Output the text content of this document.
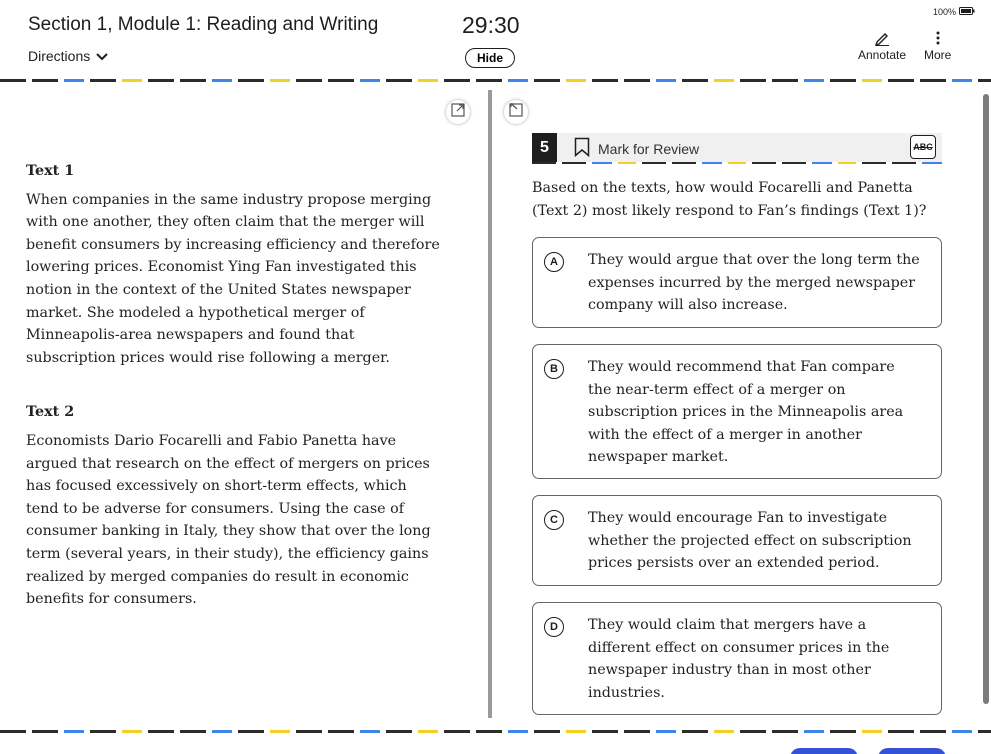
Section 1, Module 1: Reading and Writing
Directions
29:30
Hide
100%
Annotate More
Text 1

When companies in the same industry propose merging with one another, they often claim that the merger will benefit consumers by increasing efficiency and therefore lowering prices. Economist Ying Fan investigated this notion in the context of the United States newspaper market. She modeled a hypothetical merger of Minneapolis-area newspapers and found that subscription prices would rise following a merger.

Text 2

Economists Dario Focarelli and Fabio Panetta have argued that research on the effect of mergers on prices has focused excessively on short-term effects, which tend to be adverse for consumers. Using the case of consumer banking in Italy, they show that over the long term (several years, in their study), the efficiency gains realized by merged companies do result in economic benefits for consumers.

5	Mark for Review	ABC
Based on the texts, how would Focarelli and Panetta (Text 2) most likely respond to Fan’s findings (Text 1)?
A	They would argue that over the long term the expenses incurred by the merged newspaper company will also increase.
B	They would recommend that Fan compare the near-term effect of a merger on subscription prices in the Minneapolis area with the effect of a merger in another newspaper market.
C	They would encourage Fan to investigate whether the projected effect on subscription prices persists over an extended period.
D	They would claim that mergers have a different effect on consumer prices in the newspaper industry than in most other industries.
